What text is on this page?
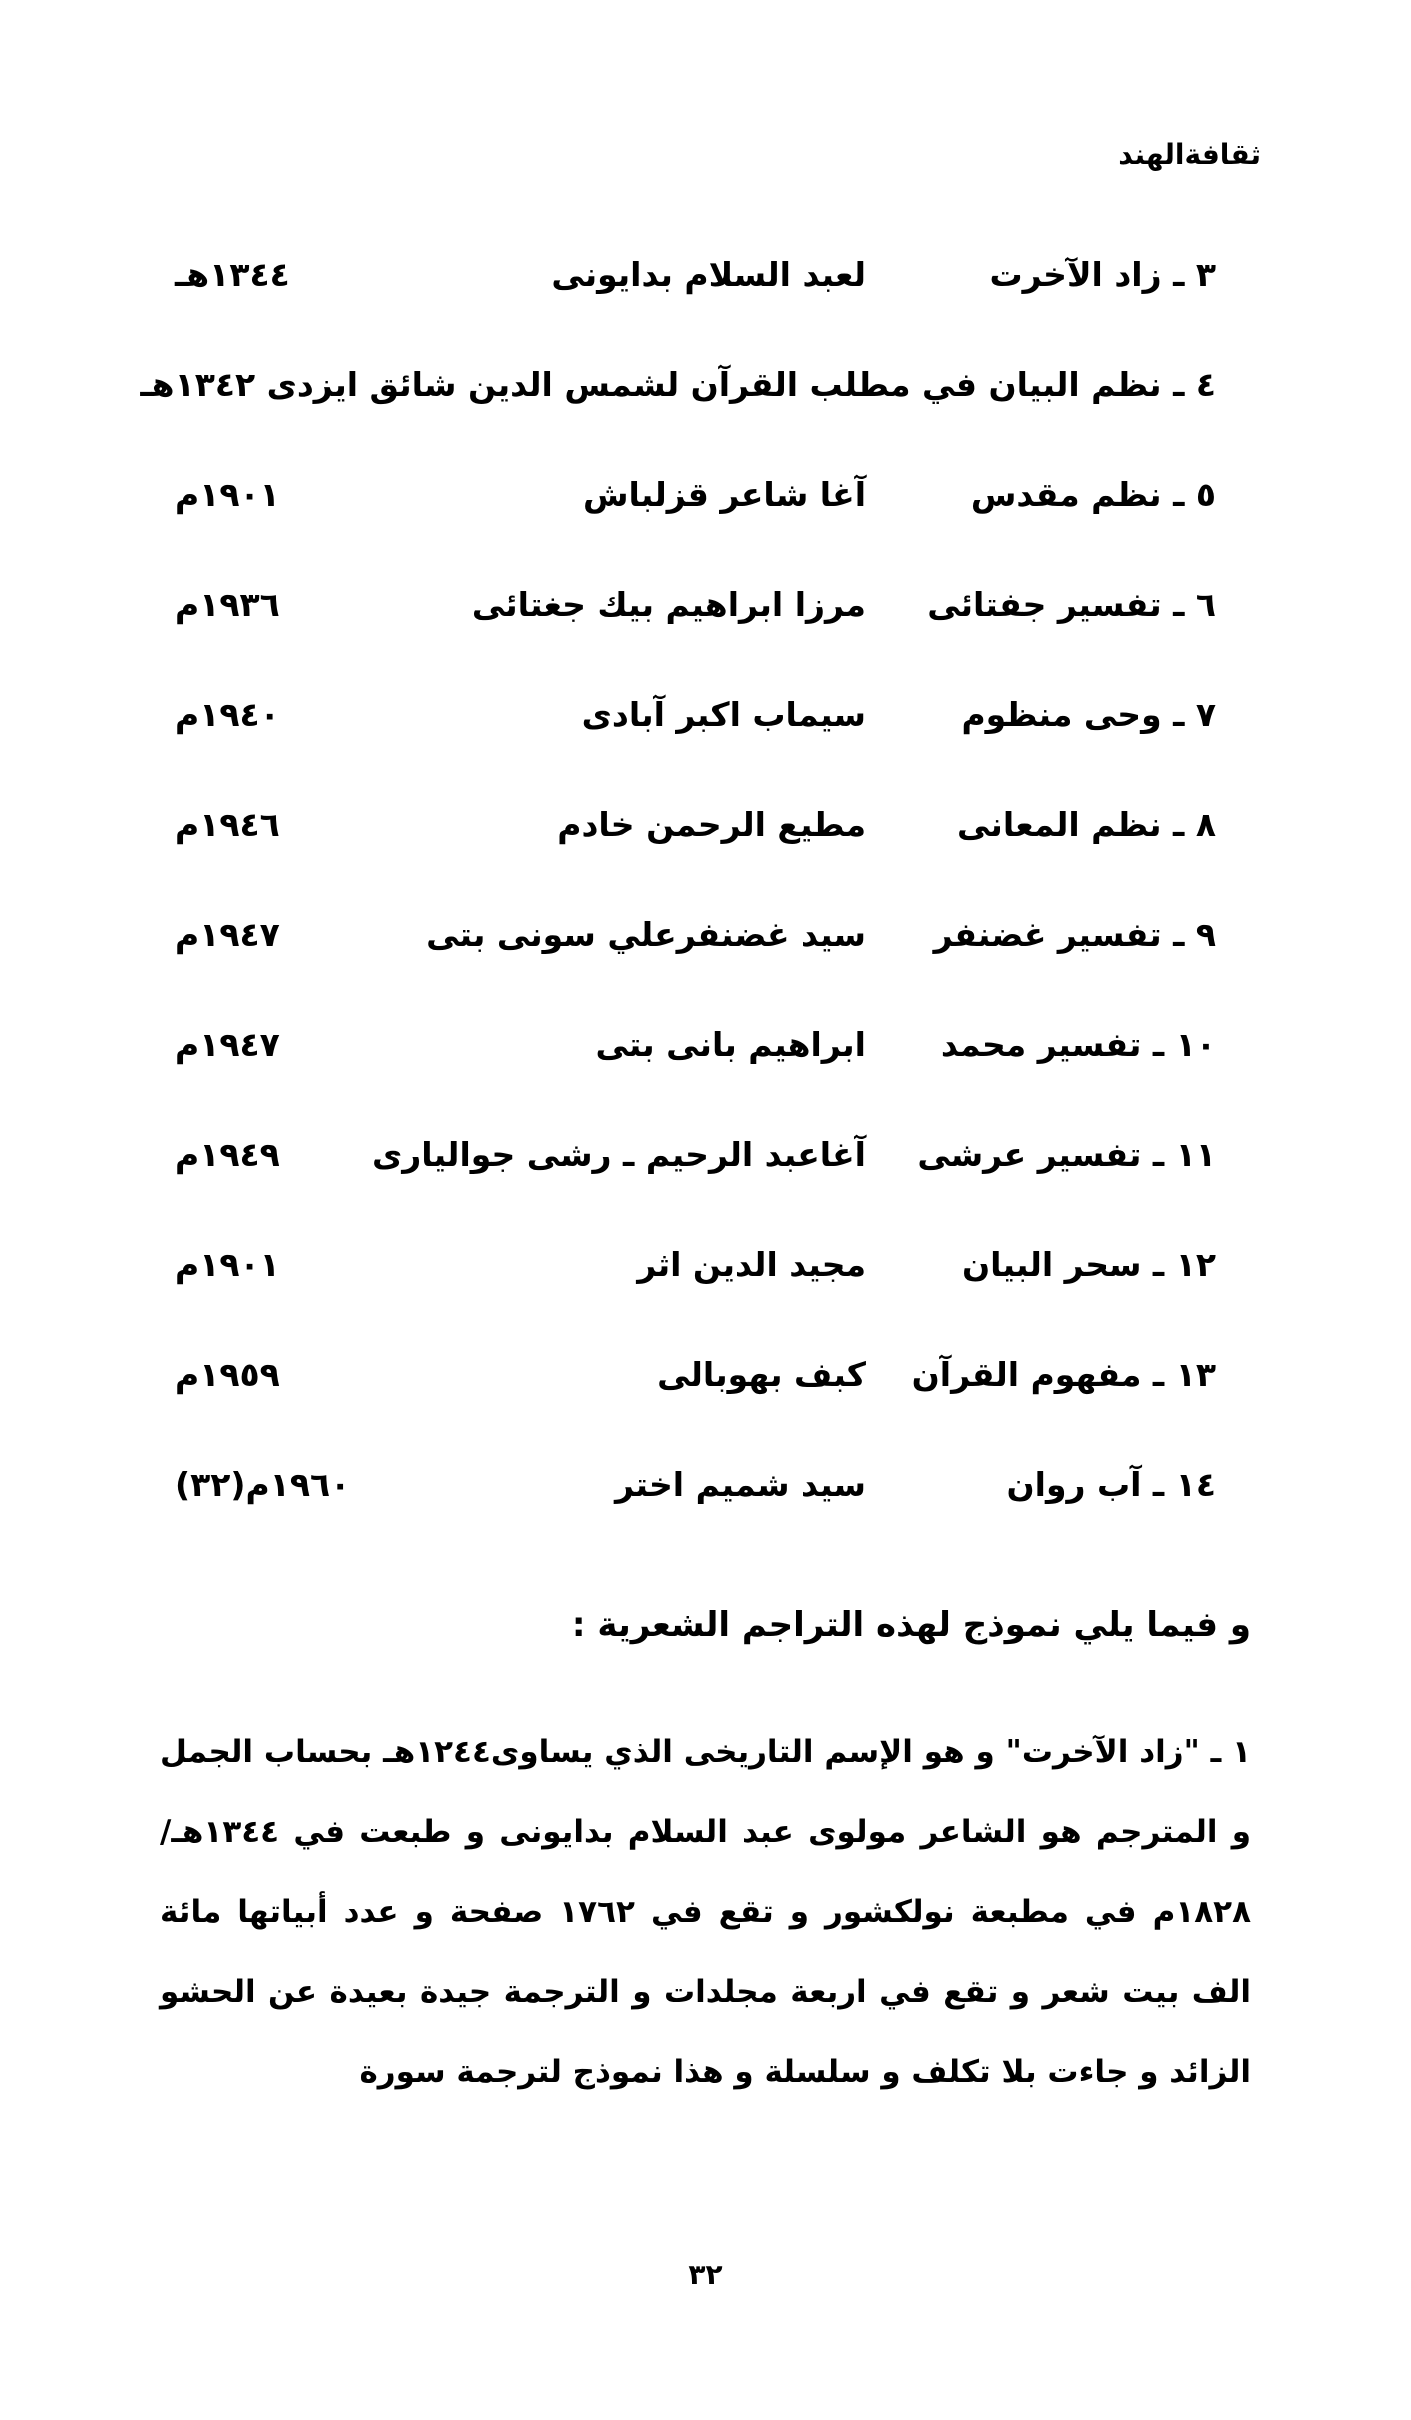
ثقافةالهند
٣ ـ زاد الآخرت
لعبد السلام بدايونى
١٣٤٤هـ
٤ ـ نظم البيان في مطلب القرآن لشمس الدين شائق ايزدى ١٣٤٢هـ
٥ ـ نظم مقدس
آغا شاعر قزلباش
١٩٠١م
٦ ـ تفسير جفتائى
مرزا ابراهيم بيك جغتائى
١٩٣٦م
٧ ـ وحى منظوم
سيماب اكبر آبادى
١٩٤٠م
٨ ـ نظم المعانى
مطيع الرحمن خادم
١٩٤٦م
٩ ـ تفسير غضنفر
سيد غضنفرعلي سونى بتى
١٩٤٧م
١٠ ـ تفسير محمد
ابراهيم بانى بتى
١٩٤٧م
١١ ـ تفسير عرشى
آغاعبد الرحيم ـ رشى جواليارى
١٩٤٩م
١٢ ـ سحر البيان
مجيد الدين اثر
١٩٠١م
١٣ ـ مفهوم القرآن
كبف بهوبالى
١٩٥٩م
١٤ ـ آب روان
سيد شميم اختر
١٩٦٠م(٣٢)
و فيما يلي نموذج لهذه التراجم الشعرية :
١ ـ "زاد الآخرت" و هو الإسم التاريخى الذي يساوى١٢٤٤هـ بحساب الجمل و المترجم هو الشاعر مولوى عبد السلام بدايونى و طبعت في ١٣٤٤هـ/١٨٢٨م في مطبعة نولكشور و تقع في ١٧٦٢ صفحة و عدد أبياتها مائة الف بيت شعر و تقع في اربعة مجلدات و الترجمة جيدة بعيدة عن الحشو الزائد و جاءت بلا تكلف و سلسلة و هذا نموذج لترجمة سورة
٣٢
